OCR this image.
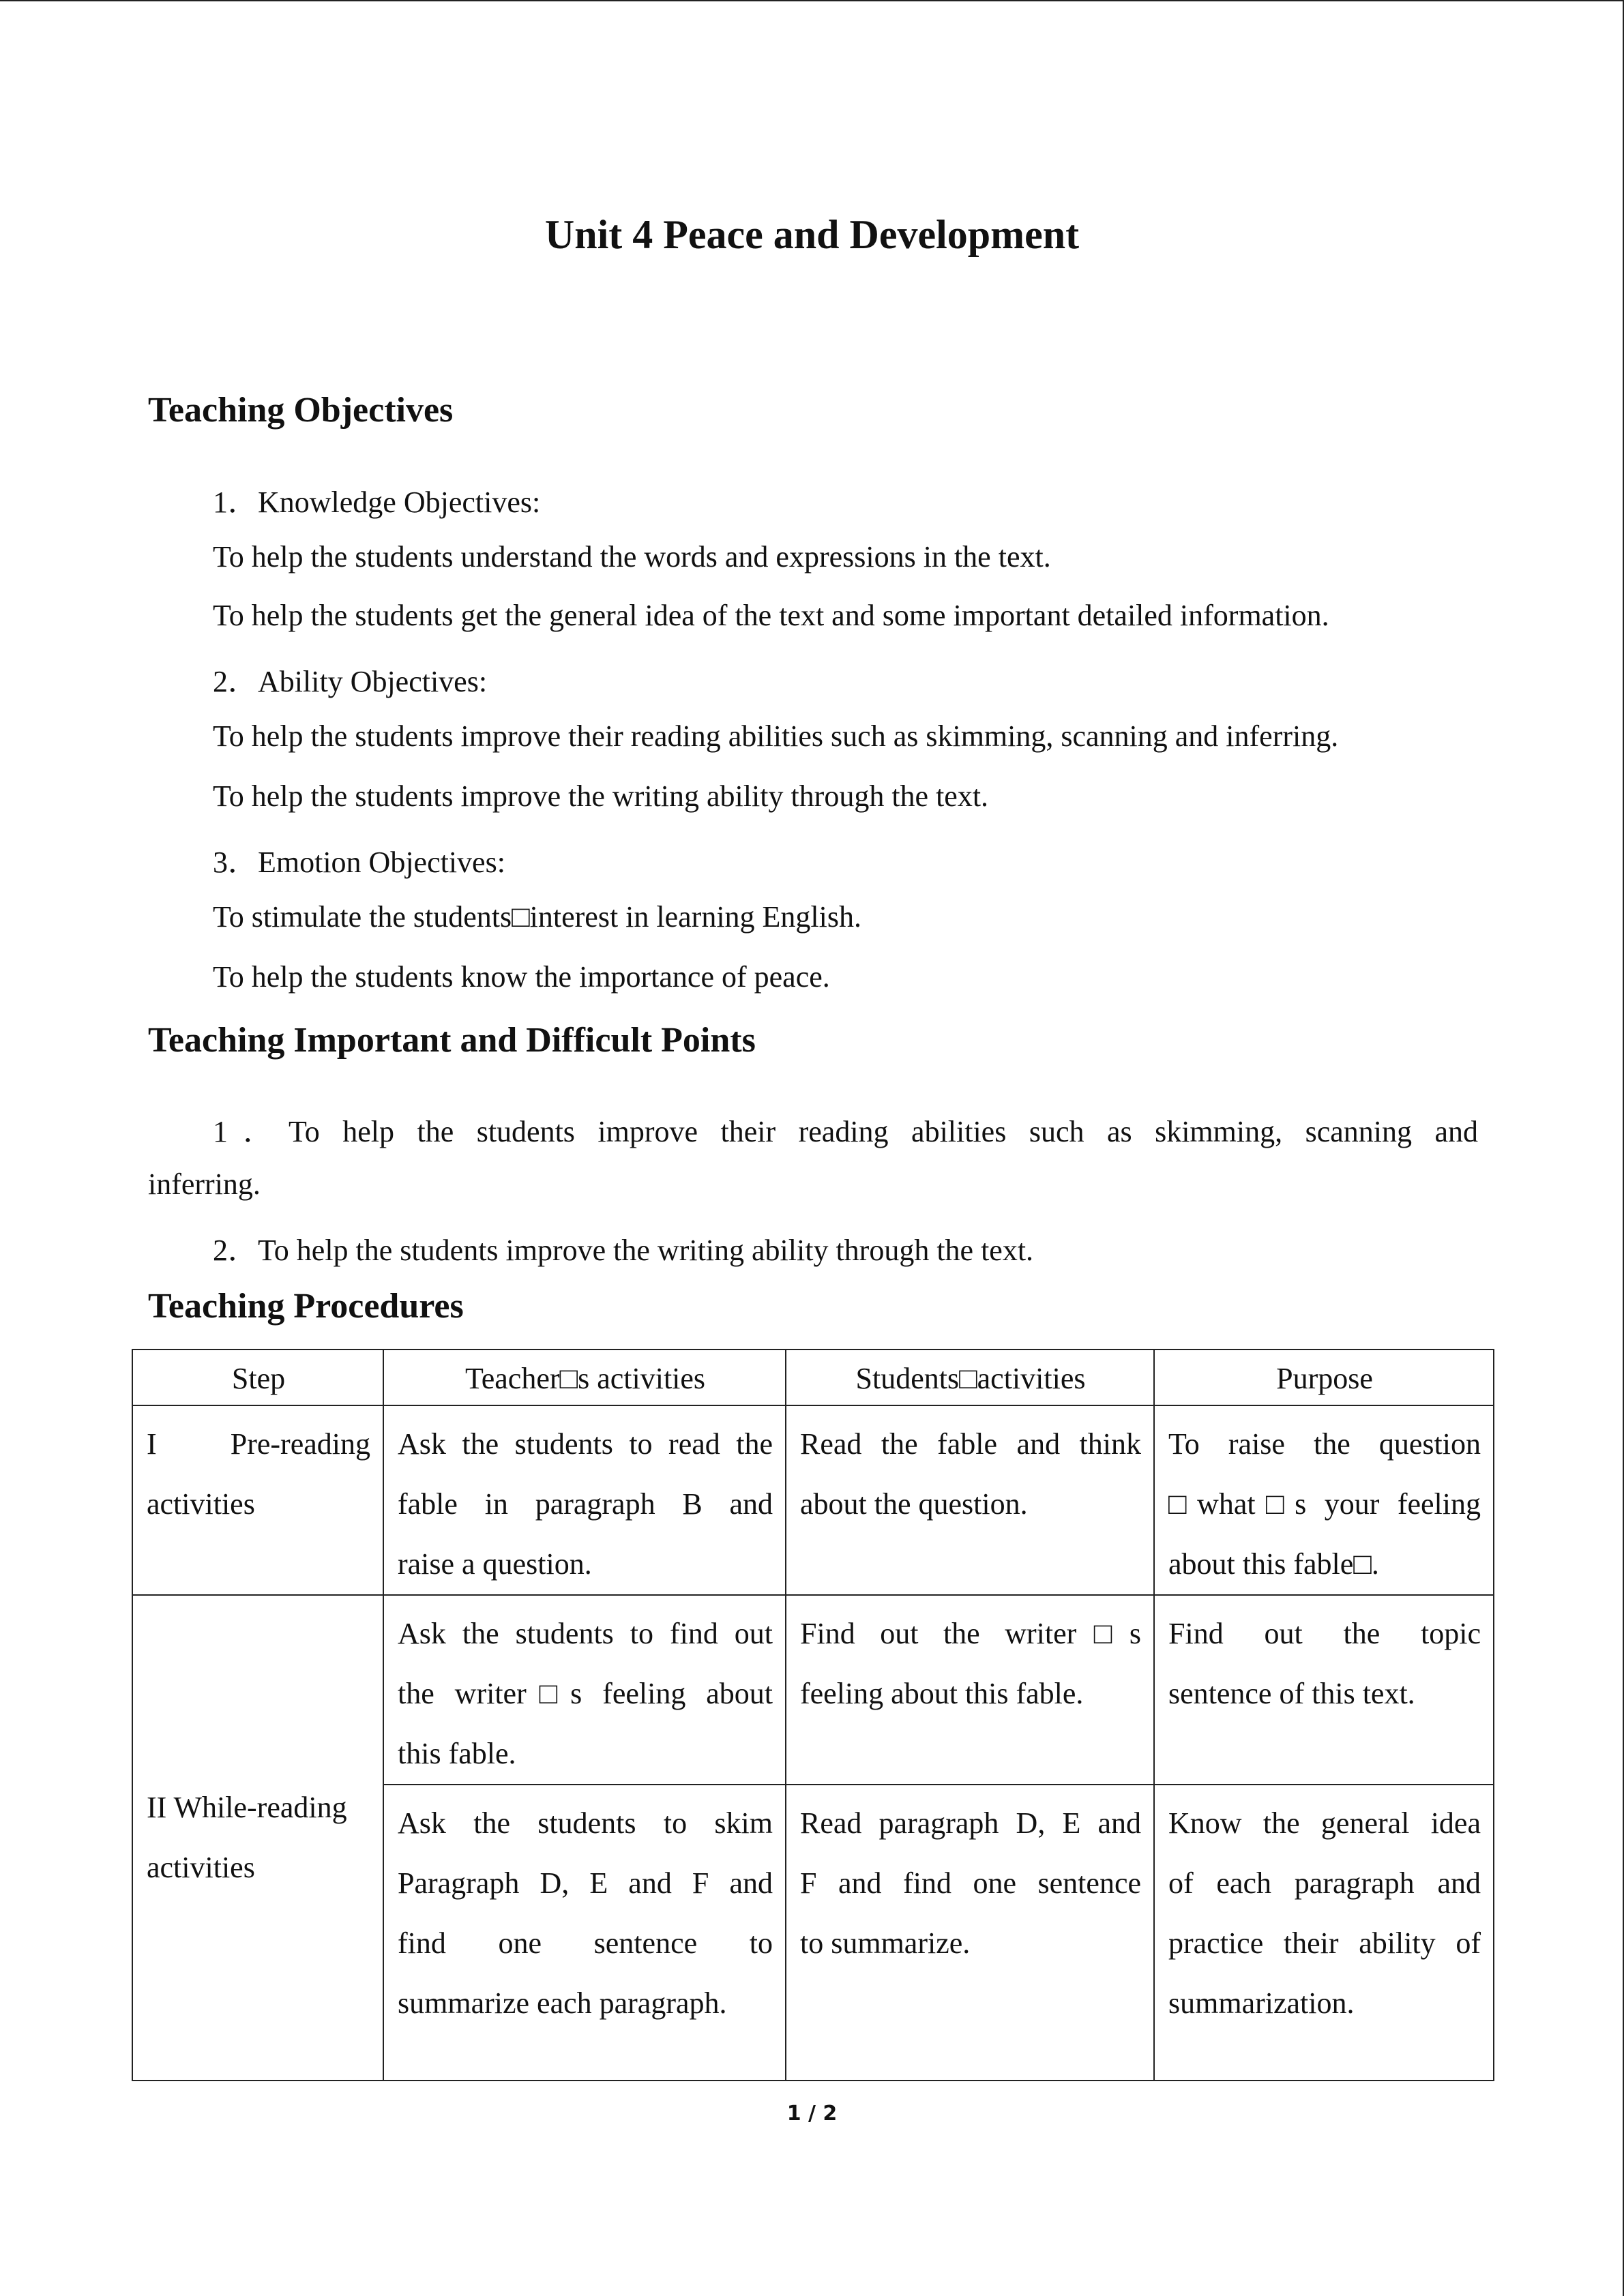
Unit 4 Peace and Development
Teaching Objectives
1．Knowledge Objectives:
To help the students understand the words and expressions in the text.
To help the students get the general idea of the text and some important detailed information.
2．Ability Objectives:
To help the students improve their reading abilities such as skimming, scanning and inferring.
To help the students improve the writing ability through the text.
3．Emotion Objectives:
To stimulate the students□interest in learning English.
To help the students know the importance of peace.
Teaching Important and Difficult Points
1．To help the students improve their reading abilities such as skimming, scanning and
inferring.
2．To help the students improve the writing ability through the text.
Teaching Procedures
Step	Teacher□s activities	Students□activities	Purpose

I      Pre-reading
activities	Ask the students to read the
fable in paragraph B and
raise a question.	Read the fable and think
about the question.	To raise the question
□what□s your feeling
about this fable□.

II While-reading
activities	Ask the students to find out
the writer□s feeling about
this fable.	Find out the writer□s
feeling about this fable.	Find out the topic
sentence of this text.

	Ask the students to skim
Paragraph D, E and F and
find one sentence to
summarize each paragraph.	Read paragraph D, E and
F and find one sentence
to summarize.	Know the general idea
of each paragraph and
practice their ability of
summarization.
1 / 2
